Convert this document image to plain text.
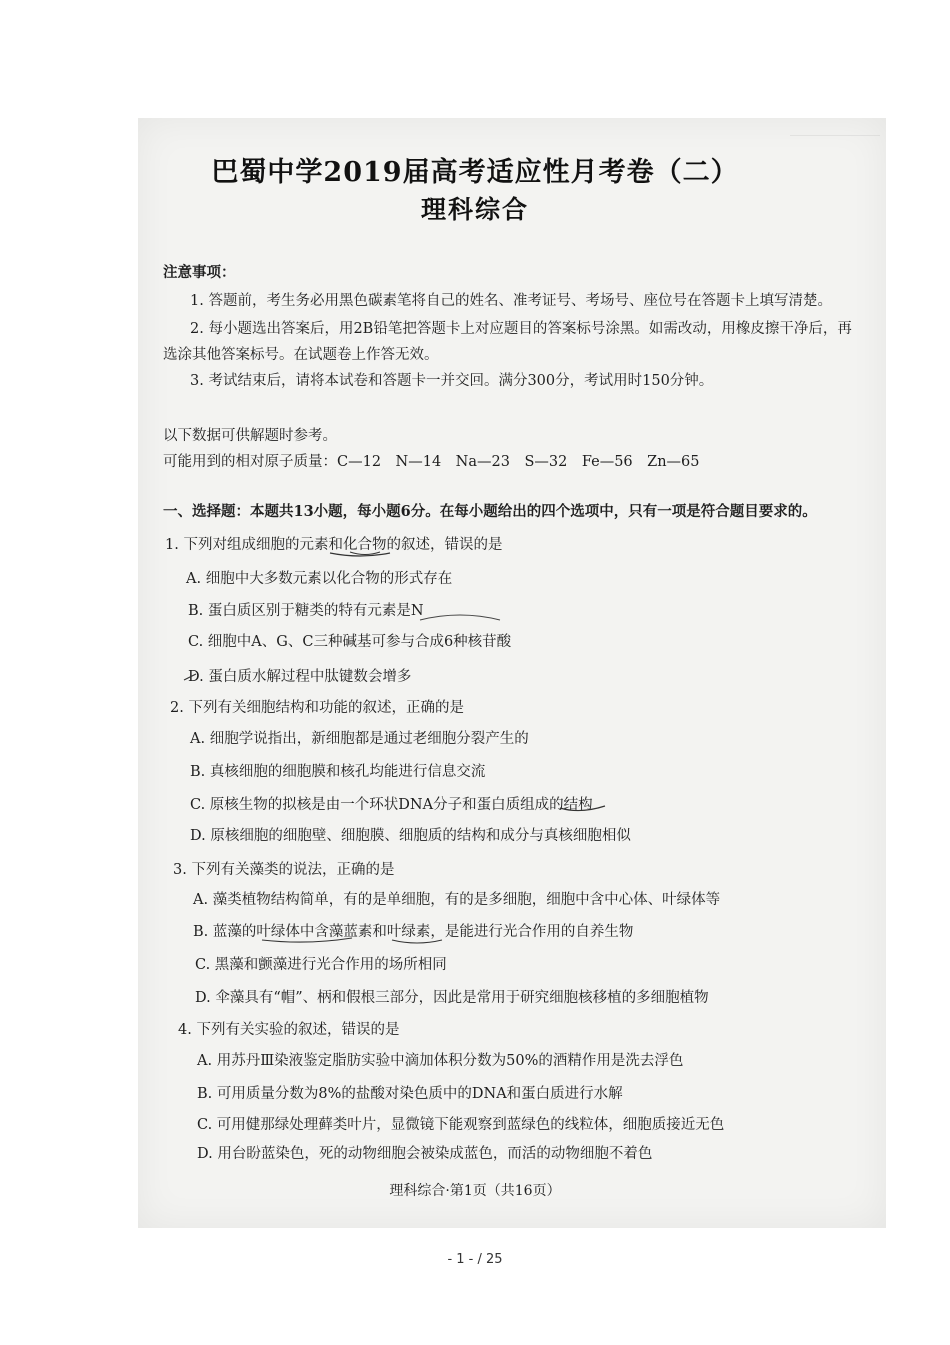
巴蜀中学2019届高考适应性月考卷（二）
理科综合
注意事项：
1. 答题前，考生务必用黑色碳素笔将自己的姓名、准考证号、考场号、座位号在答题卡上填写清楚。
2. 每小题选出答案后，用2B铅笔把答题卡上对应题目的答案标号涂黑。如需改动，用橡皮擦干净后，再
选涂其他答案标号。在试题卷上作答无效。
3. 考试结束后，请将本试卷和答题卡一并交回。满分300分，考试用时150分钟。
以下数据可供解题时参考。
可能用到的相对原子质量：C—12　N—14　Na—23　S—32　Fe—56　Zn—65
一、选择题：本题共13小题，每小题6分。在每小题给出的四个选项中，只有一项是符合题目要求的。
1. 下列对组成细胞的元素和化合物的叙述，错误的是
A. 细胞中大多数元素以化合物的形式存在
B. 蛋白质区别于糖类的特有元素是N
C. 细胞中A、G、C三种碱基可参与合成6种核苷酸
D. 蛋白质水解过程中肽键数会增多
2. 下列有关细胞结构和功能的叙述，正确的是
A. 细胞学说指出，新细胞都是通过老细胞分裂产生的
B. 真核细胞的细胞膜和核孔均能进行信息交流
C. 原核生物的拟核是由一个环状DNA分子和蛋白质组成的结构
D. 原核细胞的细胞壁、细胞膜、细胞质的结构和成分与真核细胞相似
3. 下列有关藻类的说法，正确的是
A. 藻类植物结构简单，有的是单细胞，有的是多细胞，细胞中含中心体、叶绿体等
B. 蓝藻的叶绿体中含藻蓝素和叶绿素，是能进行光合作用的自养生物
C. 黑藻和颤藻进行光合作用的场所相同
D. 伞藻具有“帽”、柄和假根三部分，因此是常用于研究细胞核移植的多细胞植物
4. 下列有关实验的叙述，错误的是
A. 用苏丹Ⅲ染液鉴定脂肪实验中滴加体积分数为50%的酒精作用是洗去浮色
B. 可用质量分数为8%的盐酸对染色质中的DNA和蛋白质进行水解
C. 可用健那绿处理藓类叶片，显微镜下能观察到蓝绿色的线粒体，细胞质接近无色
D. 用台盼蓝染色，死的动物细胞会被染成蓝色，而活的动物细胞不着色
理科综合·第1页（共16页）
- 1 - / 25
